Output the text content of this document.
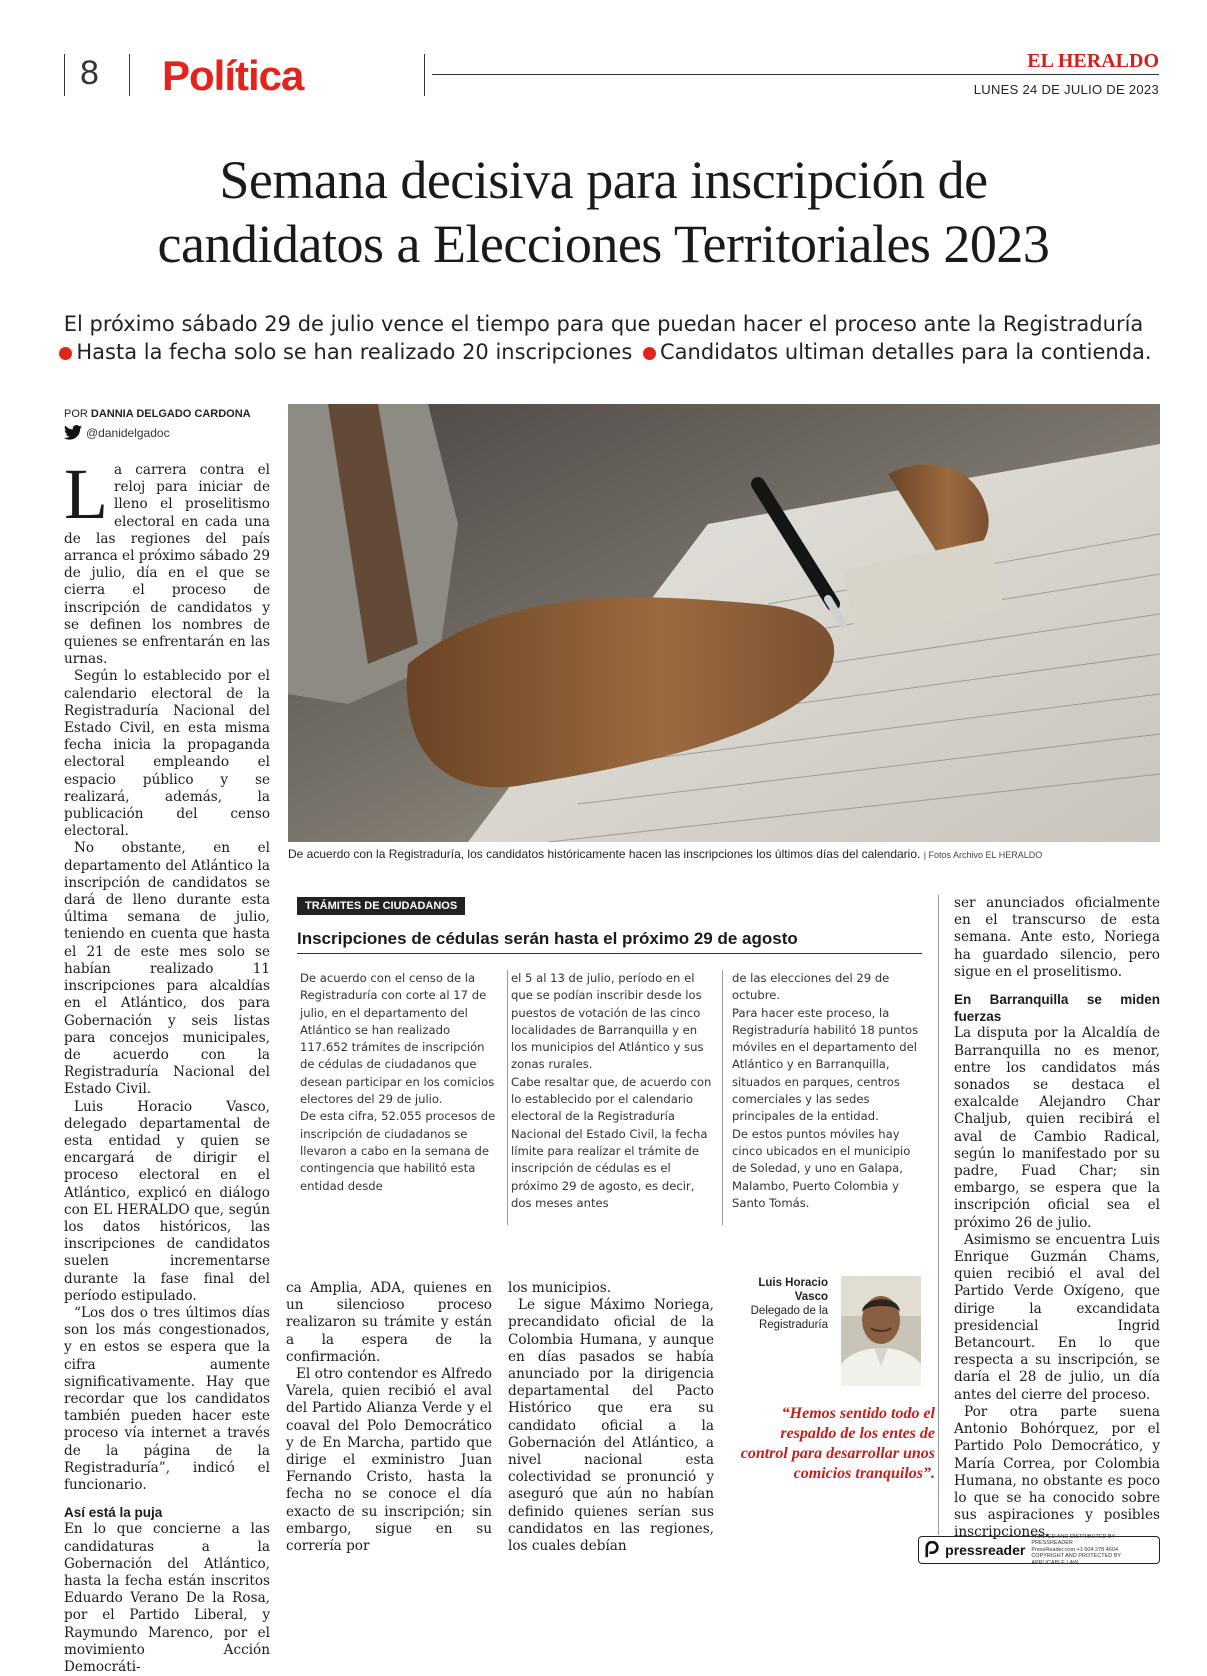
8 Política	EL HERALDO
LUNES 24 DE JULIO DE 2023
Semana decisiva para inscripción de
candidatos a Elecciones Territoriales 2023
El próximo sábado 29 de julio vence el tiempo para que puedan hacer el proceso ante la Registraduría
Hasta la fecha solo se han realizado 20 inscripciones Candidatos ultiman detalles para la contienda.
POR DANNIA DELGADO CARDONA
@danidelgadoc

La carrera contra el reloj para iniciar de lleno el proselitismo electoral en cada una de las regiones del país arranca el próximo sábado 29 de julio, día en el que se cierra el proceso de inscripción de candidatos y se definen los nombres de quienes se enfrentarán en las urnas.

Según lo establecido por el calendario electoral de la Registraduría Nacional del Estado Civil, en esta misma fecha inicia la propaganda electoral empleando el espacio público y se realizará, además, la publicación del censo electoral.

No obstante, en el departamento del Atlántico la inscripción de candidatos se dará de lleno durante esta última semana de julio, teniendo en cuenta que hasta el 21 de este mes solo se habían realizado 11 inscripciones para alcaldías en el Atlántico, dos para Gobernación y seis listas para concejos municipales, de acuerdo con la Registraduría Nacional del Estado Civil.

Luis Horacio Vasco, delegado departamental de esta entidad y quien se encargará de dirigir el proceso electoral en el Atlántico, explicó en diálogo con EL HERALDO que, según los datos históricos, las inscripciones de candidatos suelen incrementarse durante la fase final del período estipulado.

“Los dos o tres últimos días son los más congestionados, y en estos se espera que la cifra aumente significativamente. Hay que recordar que los candidatos también pueden hacer este proceso vía internet a través de la página de la Registraduría”, indicó el funcionario.

Así está la puja

En lo que concierne a las candidaturas a la Gobernación del Atlántico, hasta la fecha están inscritos Eduardo Verano De la Rosa, por el Partido Liberal, y Raymundo Marenco, por el movimiento Acción Democráti-

De acuerdo con la Registraduría, los candidatos históricamente hacen las inscripciones los últimos días del calendario. | Fotos Archivo EL HERALDO
TRÁMITES DE CIUDADANOS
Inscripciones de cédulas serán hasta el próximo 29 de agosto

De acuerdo con el censo de la Registraduría con corte al 17 de julio, en el departamento del Atlántico se han realizado 117.652 trámites de inscripción de cédulas de ciudadanos que desean participar en los comicios electores del 29 de julio.

De esta cifra, 52.055 procesos de inscripción de ciudadanos se llevaron a cabo en la semana de contingencia que habilitó esta entidad desde

el 5 al 13 de julio, período en el que se podían inscribir desde los puestos de votación de las cinco localidades de Barranquilla y en los municipios del Atlántico y sus zonas rurales.

Cabe resaltar que, de acuerdo con lo establecido por el calendario electoral de la Registraduría Nacional del Estado Civil, la fecha límite para realizar el trámite de inscripción de cédulas es el próximo 29 de agosto, es decir, dos meses antes

de las elecciones del 29 de octubre.

Para hacer este proceso, la Registraduría habilitó 18 puntos móviles en el departamento del Atlántico y en Barranquilla, situados en parques, centros comerciales y las sedes principales de la entidad.

De estos puntos móviles hay cinco ubicados en el municipio de Soledad, y uno en Galapa, Malambo, Puerto Colombia y Santo Tomás.

ca Amplia, ADA, quienes en un silencioso proceso realizaron su trámite y están a la espera de la confirmación.

El otro contendor es Alfredo Varela, quien recibió el aval del Partido Alianza Verde y el coaval del Polo Democrático y de En Marcha, partido que dirige el exministro Juan Fernando Cristo, hasta la fecha no se conoce el día exacto de su inscripción; sin embargo, sigue en su correría por

los municipios.

Le sigue Máximo Noriega, precandidato oficial de la Colombia Humana, y aunque en días pasados se había anunciado por la dirigencia departamental del Pacto Histórico que era su candidato oficial a la Gobernación del Atlántico, a nivel nacional esta colectividad se pronunció y aseguró que aún no habían definido quienes serían sus candidatos en las regiones, los cuales debían

Luis Horacio Vasco
Delegado de la Registraduría
“Hemos sentido todo el respaldo de los entes de control para desarrollar unos comicios tranquilos”.

ser anunciados oficialmente en el transcurso de esta semana. Ante esto, Noriega ha guardado silencio, pero sigue en el proselitismo.

En Barranquilla se miden fuerzas

La disputa por la Alcaldía de Barranquilla no es menor, entre los candidatos más sonados se destaca el exalcalde Alejandro Char Chaljub, quien recibirá el aval de Cambio Radical, según lo manifestado por su padre, Fuad Char; sin embargo, se espera que la inscripción oficial sea el próximo 26 de julio.

Asimismo se encuentra Luis Enrique Guzmán Chams, quien recibió el aval del Partido Verde Oxígeno, que dirige la excandidata presidencial Ingrid Betancourt. En lo que respecta a su inscripción, se daría el 28 de julio, un día antes del cierre del proceso.

Por otra parte suena Antonio Bohórquez, por el Partido Polo Democrático, y María Correa, por Colombia Humana, no obstante es poco lo que se ha conocido sobre sus aspiraciones y posibles inscripciones.

pressreader
PRINTED AND DISTRIBUTED BY PRESSREADER
PressReader.com +1 604 278 4604
COPYRIGHT AND PROTECTED BY APPLICABLE LAW
